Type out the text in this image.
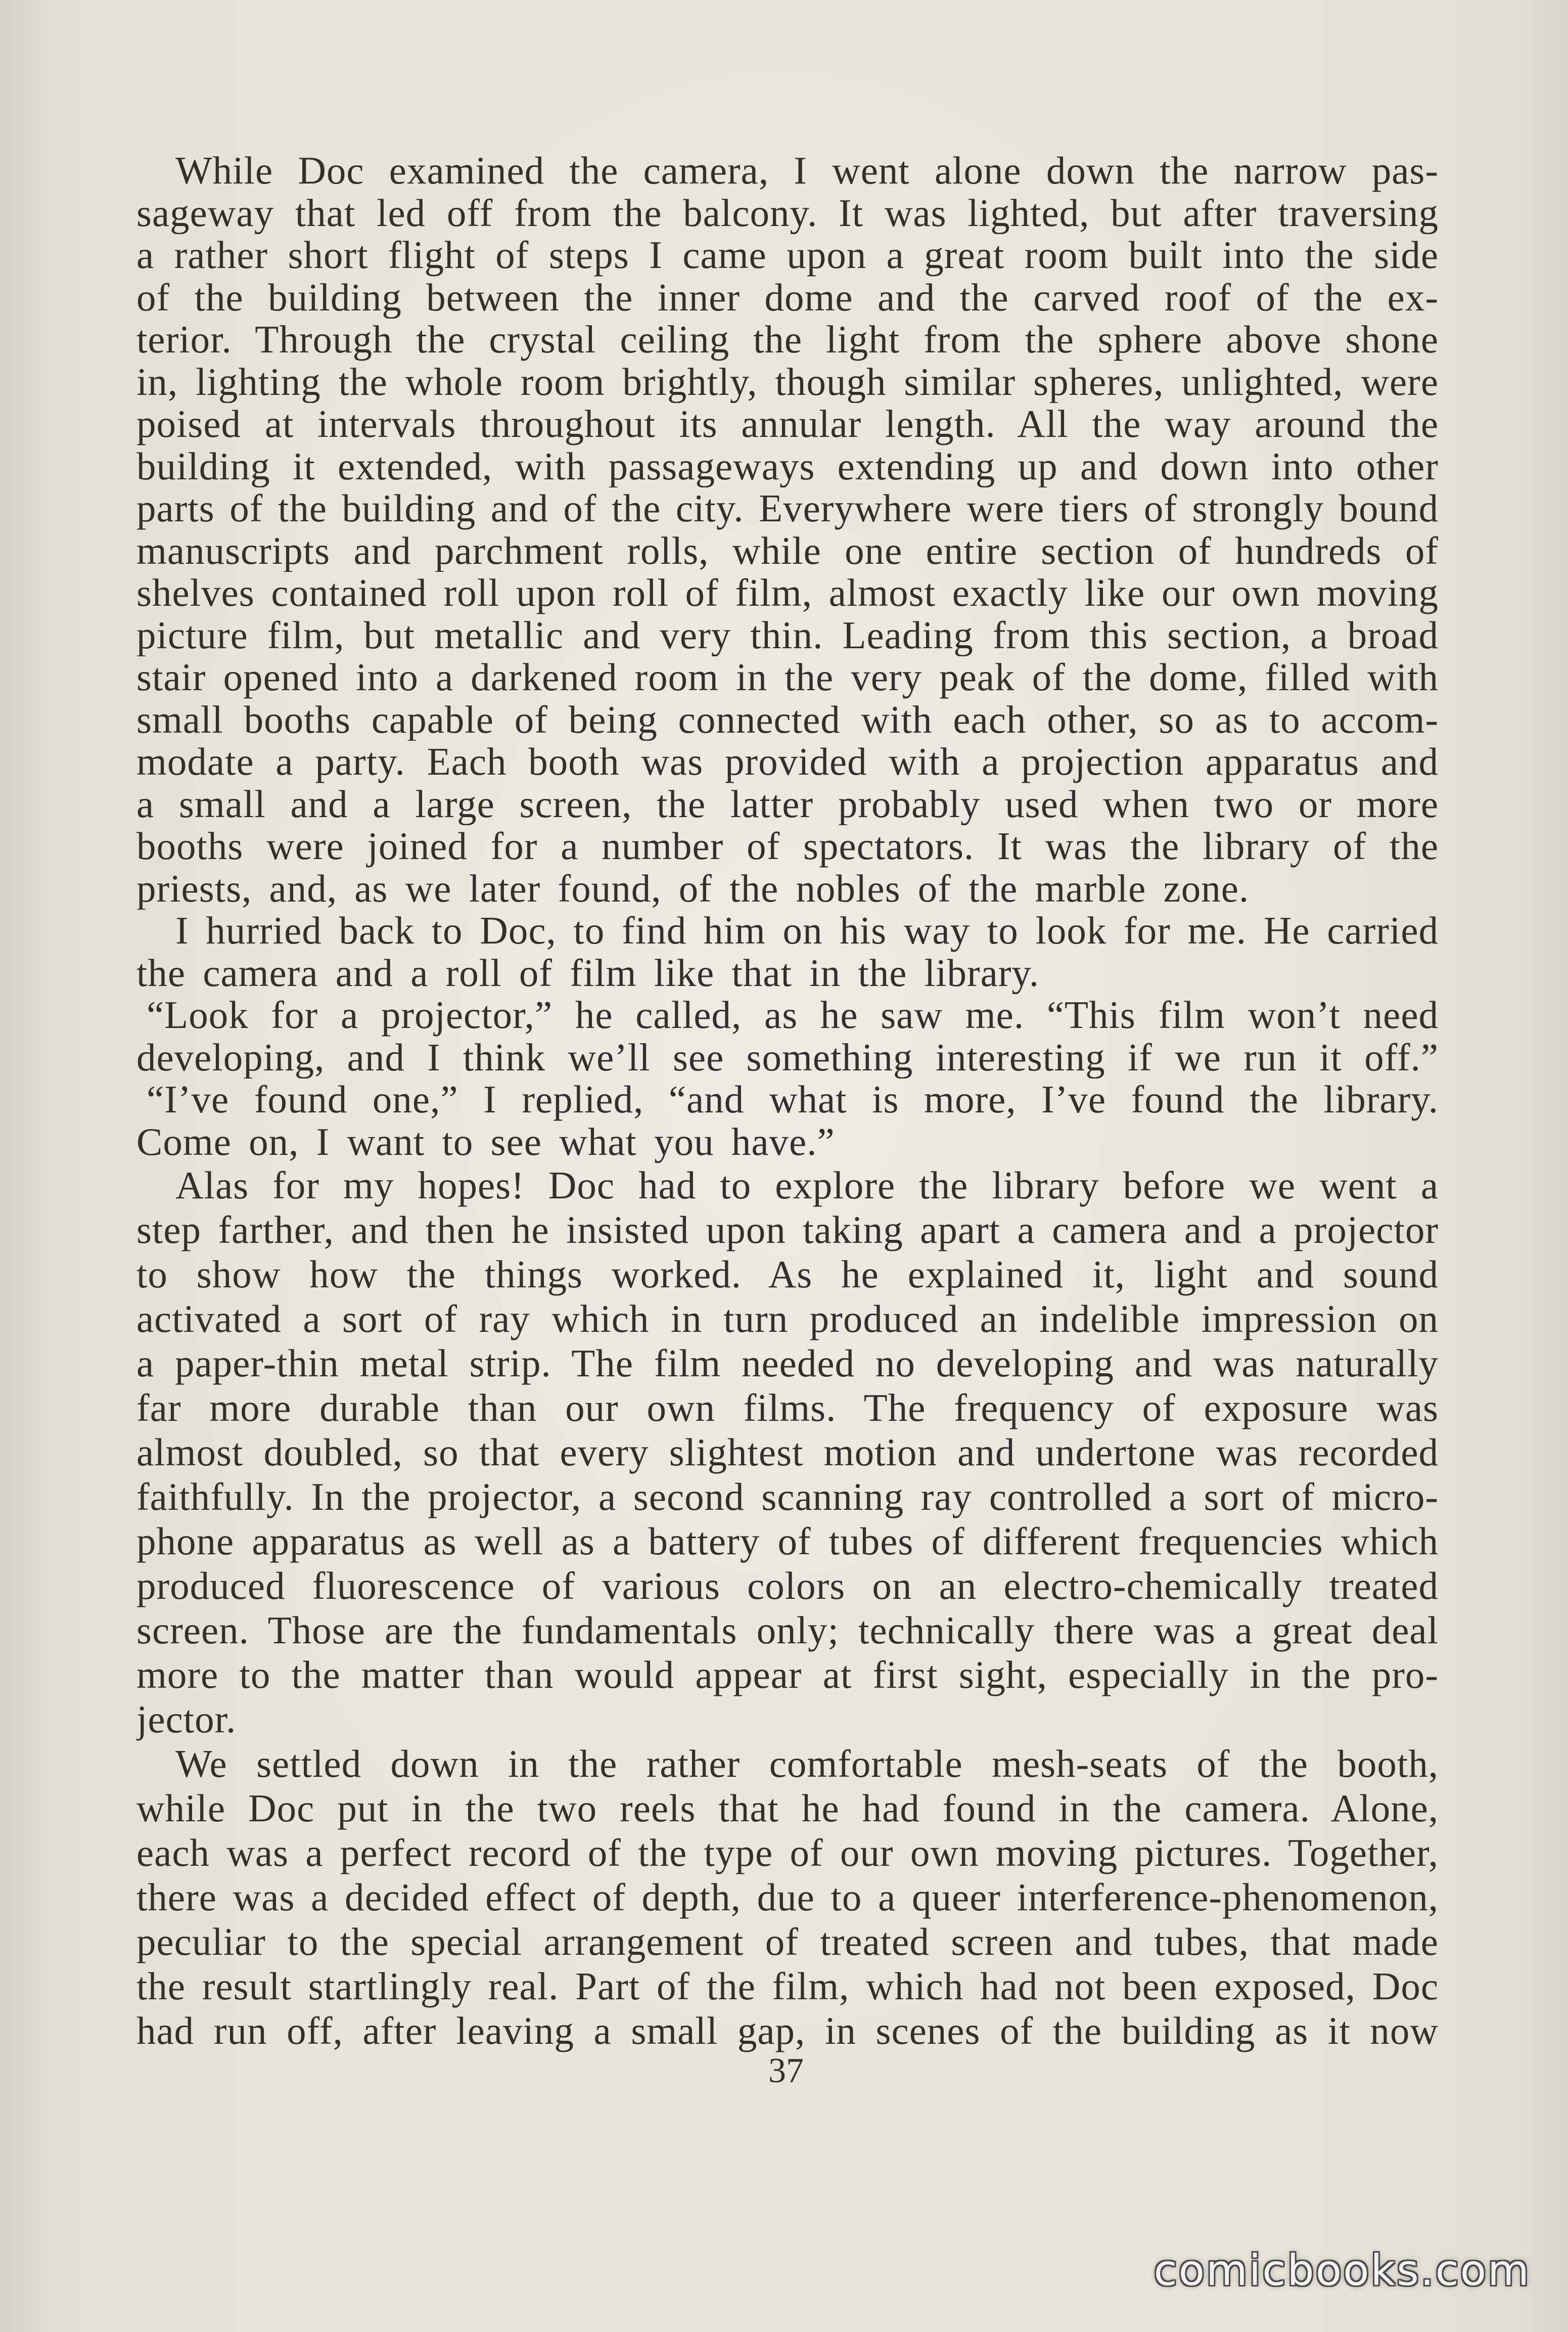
While Doc examined the camera, I went alone down the narrow pas-
sageway that led off from the balcony. It was lighted, but after traversing
a rather short flight of steps I came upon a great room built into the side
of the building between the inner dome and the carved roof of the ex-
terior. Through the crystal ceiling the light from the sphere above shone
in, lighting the whole room brightly, though similar spheres, unlighted, were
poised at intervals throughout its annular length. All the way around the
building it extended, with passageways extending up and down into other
parts of the building and of the city. Everywhere were tiers of strongly bound
manuscripts and parchment rolls, while one entire section of hundreds of
shelves contained roll upon roll of film, almost exactly like our own moving
picture film, but metallic and very thin. Leading from this section, a broad
stair opened into a darkened room in the very peak of the dome, filled with
small booths capable of being connected with each other, so as to accom-
modate a party. Each booth was provided with a projection apparatus and
a small and a large screen, the latter probably used when two or more
booths were joined for a number of spectators. It was the library of the
priests, and, as we later found, of the nobles of the marble zone.
I hurried back to Doc, to find him on his way to look for me. He carried
the camera and a roll of film like that in the library.
“Look for a projector,” he called, as he saw me. “This film won’t need
developing, and I think we’ll see something interesting if we run it off.”
“I’ve found one,” I replied, “and what is more, I’ve found the library.
Come on, I want to see what you have.”
Alas for my hopes! Doc had to explore the library before we went a
step farther, and then he insisted upon taking apart a camera and a projector
to show how the things worked. As he explained it, light and sound
activated a sort of ray which in turn produced an indelible impression on
a paper-thin metal strip. The film needed no developing and was naturally
far more durable than our own films. The frequency of exposure was
almost doubled, so that every slightest motion and undertone was recorded
faithfully. In the projector, a second scanning ray controlled a sort of micro-
phone apparatus as well as a battery of tubes of different frequencies which
produced fluorescence of various colors on an electro-chemically treated
screen. Those are the fundamentals only; technically there was a great deal
more to the matter than would appear at first sight, especially in the pro-
jector.
We settled down in the rather comfortable mesh-seats of the booth,
while Doc put in the two reels that he had found in the camera. Alone,
each was a perfect record of the type of our own moving pictures. Together,
there was a decided effect of depth, due to a queer interference-phenomenon,
peculiar to the special arrangement of treated screen and tubes, that made
the result startlingly real. Part of the film, which had not been exposed, Doc
had run off, after leaving a small gap, in scenes of the building as it now
37
comicbooks.com
